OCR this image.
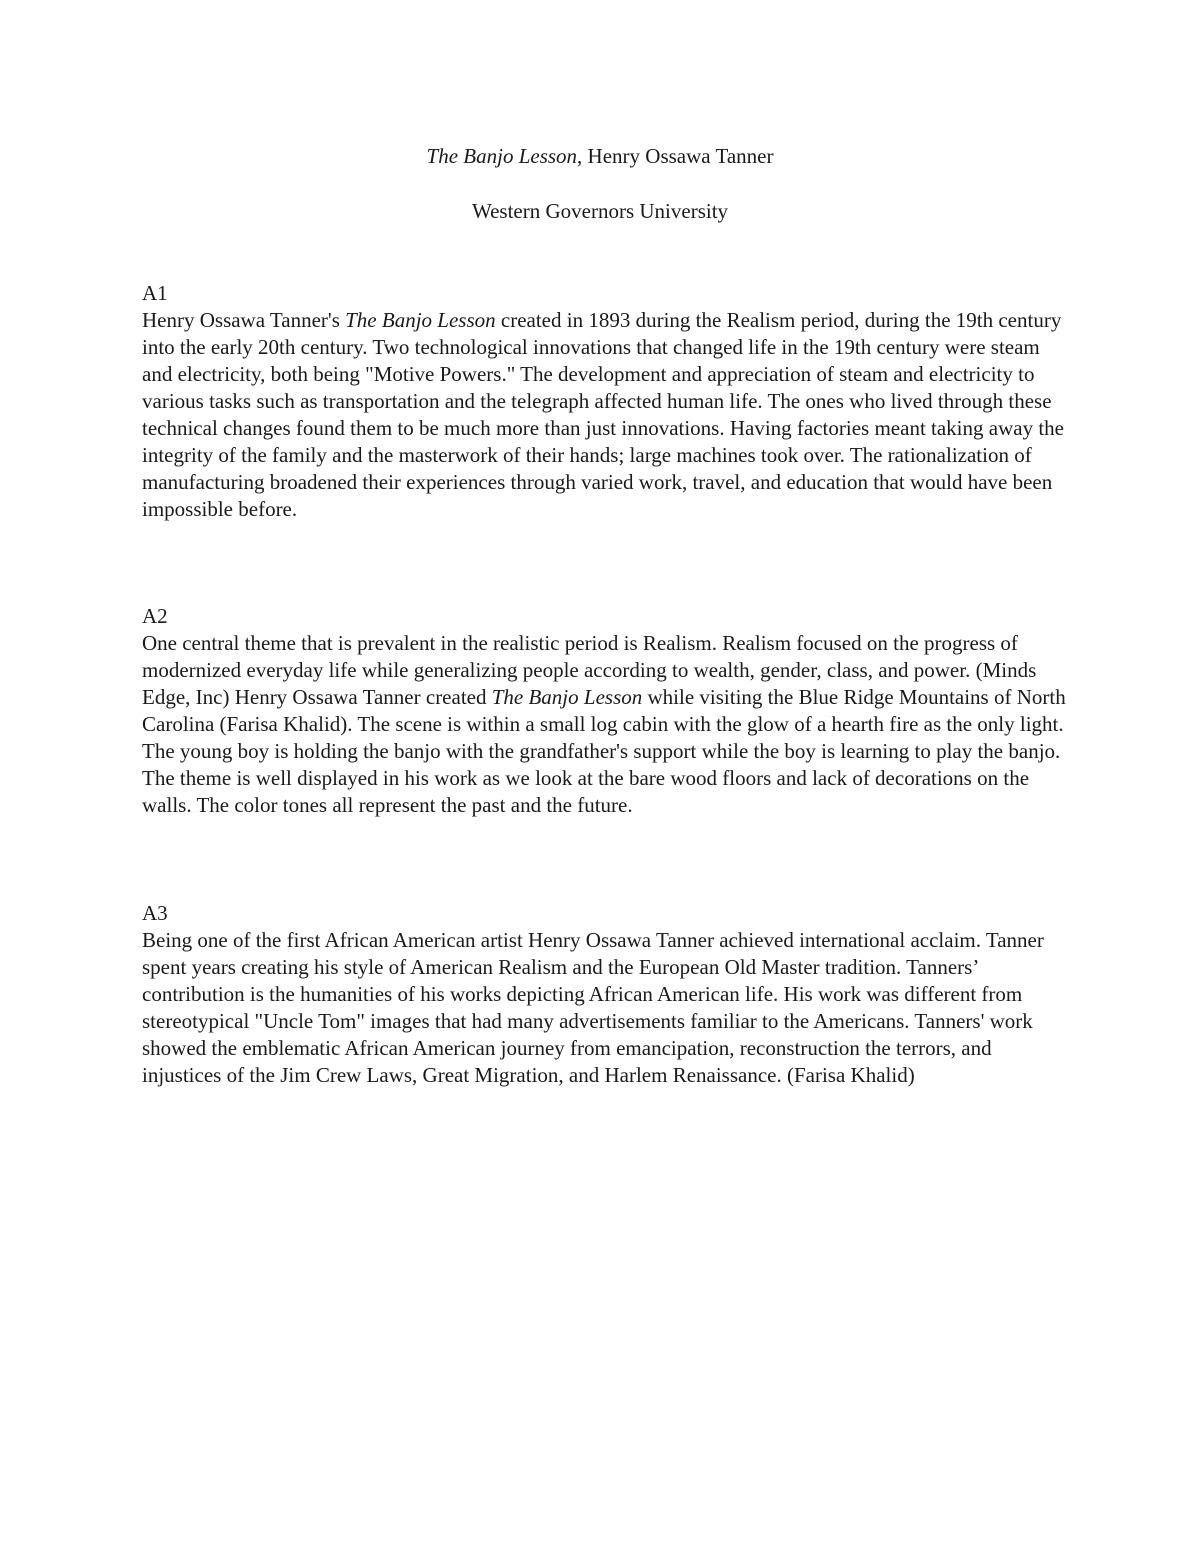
The Banjo Lesson, Henry Ossawa Tanner
Western Governors University
A1

Henry Ossawa Tanner's The Banjo Lesson created in 1893 during the Realism period, during the 19th century into the early 20th century. Two technological innovations that changed life in the 19th century were steam and electricity, both being "Motive Powers." The development and appreciation of steam and electricity to various tasks such as transportation and the telegraph affected human life. The ones who lived through these technical changes found them to be much more than just innovations. Having factories meant taking away the integrity of the family and the masterwork of their hands; large machines took over. The rationalization of manufacturing broadened their experiences through varied work, travel, and education that would have been impossible before.

A2

One central theme that is prevalent in the realistic period is Realism. Realism focused on the progress of modernized everyday life while generalizing people according to wealth, gender, class, and power. (Minds Edge, Inc) Henry Ossawa Tanner created The Banjo Lesson while visiting the Blue Ridge Mountains of North Carolina (Farisa Khalid). The scene is within a small log cabin with the glow of a hearth fire as the only light. The young boy is holding the banjo with the grandfather's support while the boy is learning to play the banjo. The theme is well displayed in his work as we look at the bare wood floors and lack of decorations on the walls. The color tones all represent the past and the future.

A3

Being one of the first African American artist Henry Ossawa Tanner achieved international acclaim. Tanner spent years creating his style of American Realism and the European Old Master tradition. Tanners’ contribution is the humanities of his works depicting African American life. His work was different from stereotypical "Uncle Tom" images that had many advertisements familiar to the Americans. Tanners' work showed the emblematic African American journey from emancipation, reconstruction the terrors, and injustices of the Jim Crew Laws, Great Migration, and Harlem Renaissance. (Farisa Khalid)
